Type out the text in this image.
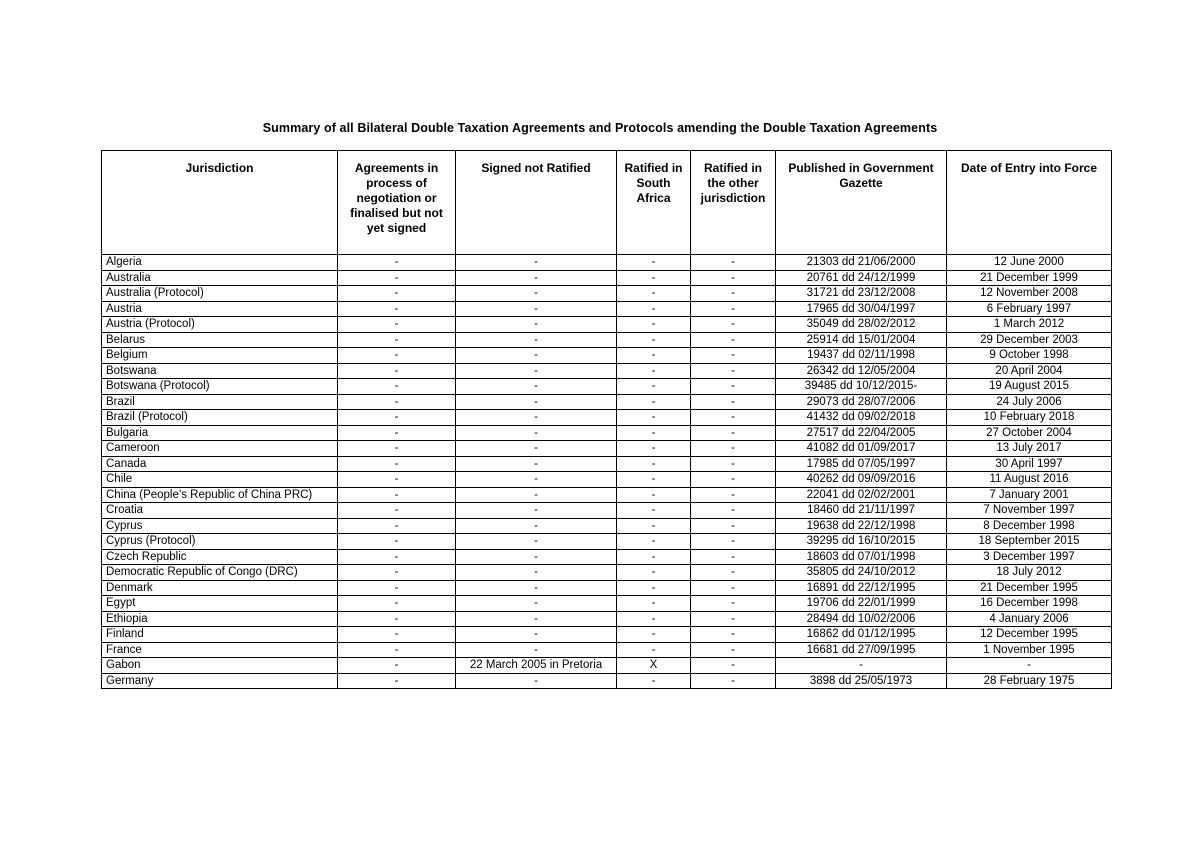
Summary of all Bilateral Double Taxation Agreements and Protocols amending the Double Taxation Agreements
Jurisdiction	Agreements in process of negotiation or finalised but not yet signed	Signed not Ratified	Ratified in South Africa	Ratified in the other jurisdiction	Published in Government Gazette	Date of Entry into Force
Algeria	-	-	-	-	21303 dd 21/06/2000	12 June 2000
Australia	-	-	-	-	20761 dd 24/12/1999	21 December 1999
Australia (Protocol)	-	-	-	-	31721 dd 23/12/2008	12 November 2008
Austria	-	-	-	-	17965 dd 30/04/1997	6 February 1997
Austria (Protocol)	-	-	-	-	35049 dd 28/02/2012	1 March 2012
Belarus	-	-	-	-	25914 dd 15/01/2004	29 December 2003
Belgium	-	-	-	-	19437 dd 02/11/1998	9 October 1998
Botswana	-	-	-	-	26342 dd 12/05/2004	20 April 2004
Botswana (Protocol)	-	-	-	-	39485 dd 10/12/2015-	19 August 2015
Brazil	-	-	-	-	29073 dd 28/07/2006	24 July 2006
Brazil (Protocol)	-	-	-	-	41432 dd 09/02/2018	10 February 2018
Bulgaria	-	-	-	-	27517 dd 22/04/2005	27 October 2004
Cameroon	-	-	-	-	41082 dd 01/09/2017	13 July 2017
Canada	-	-	-	-	17985 dd 07/05/1997	30 April 1997
Chile	-	-	-	-	40262 dd 09/09/2016	11 August 2016
China (People’s Republic of China PRC)	-	-	-	-	22041 dd 02/02/2001	7 January 2001
Croatia	-	-	-	-	18460 dd 21/11/1997	7 November 1997
Cyprus	-	-	-	-	19638 dd 22/12/1998	8 December 1998
Cyprus (Protocol)	-	-	-	-	39295 dd 16/10/2015	18 September 2015
Czech Republic	-	-	-	-	18603 dd 07/01/1998	3 December 1997
Democratic Republic of Congo (DRC)	-	-	-	-	35805 dd 24/10/2012	18 July 2012
Denmark	-	-	-	-	16891 dd 22/12/1995	21 December 1995
Egypt	-	-	-	-	19706 dd 22/01/1999	16 December 1998
Ethiopia	-	-	-	-	28494 dd 10/02/2006	4 January 2006
Finland	-	-	-	-	16862 dd 01/12/1995	12 December 1995
France	-	-	-	-	16681 dd 27/09/1995	1 November 1995
Gabon	-	22 March 2005 in Pretoria	X	-	-	-
Germany	-	-	-	-	3898 dd 25/05/1973	28 February 1975
